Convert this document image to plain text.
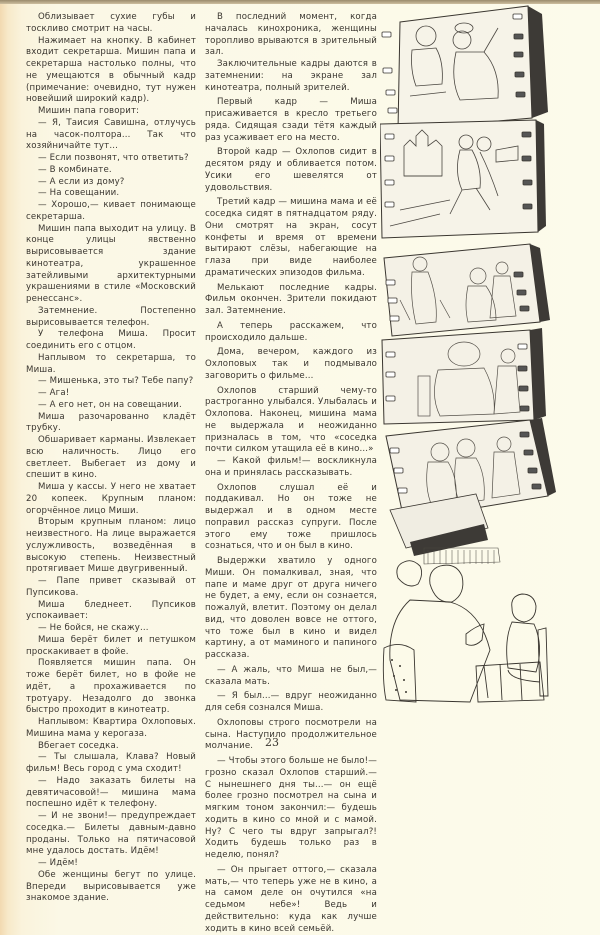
Облизывает сухие губы и тоскливо смотрит на часы.

Нажимает на кнопку. В кабинет входит секретарша. Мишин папа и секретарша настолько полны, что не умещаются в обычный кадр (примечание: очевидно, тут нужен новейший широкий кадр).

Мишин папа говорит:

— Я, Таисия Савишна, отлучусь на часок-полтора... Так что хозяйничайте тут...

— Если позвонят, что ответить?

— В комбинате.

— А если из дому?

— На совещании.

— Хорошо,— кивает понимающе секретарша.

Мишин папа выходит на улицу. В конце улицы явственно вырисовывается здание кинотеатра, украшенное затейливыми архитектурными украшениями в стиле «Московский ренессанс».

Затемнение. Постепенно вырисовывается телефон.

У телефона Миша. Просит соединить его с отцом.

Наплывом то секретарша, то Миша.

— Мишенька, это ты? Тебе папу?

— Ага!

— А его нет, он на совещании.

Миша разочарованно кладёт трубку.

Обшаривает карманы. Извлекает всю наличность. Лицо его светлеет. Выбегает из дому и спешит в кино.

Миша у кассы. У него не хватает 20 копеек. Крупным планом: огорчённое лицо Миши.

Вторым крупным планом: лицо неизвестного. На лице выражается услужливость, возведённая в высокую степень. Неизвестный протягивает Мише двугривенный.

— Папе привет сказывай от Пупсикова.

Миша бледнеет. Пупсиков успокаивает:

— Не бойся, не скажу...

Миша берёт билет и петушком проскакивает в фойе.

Появляется мишин папа. Он тоже берёт билет, но в фойе не идёт, а прохаживается по тротуару. Незадолго до звонка быстро проходит в кинотеатр.

Наплывом: Квартира Охлоповых. Мишина мама у керогаза.

Вбегает соседка.

— Ты слышала, Клава? Новый фильм! Весь город с ума сходит!

— Надо заказать билеты на девятичасовой!— мишина мама поспешно идёт к телефону.

— И не звони!— предупреждает соседка.— Билеты давным-давно проданы. Только на пятичасовой мне удалось достать. Идём!

— Идём!

Обе женщины бегут по улице. Впереди вырисовывается уже знакомое здание.

В последний момент, когда началась кинохроника, женщины торопливо врываются в зрительный зал.

Заключительные кадры даются в затемнении: на экране зал кинотеатра, полный зрителей.

Первый кадр — Миша присаживается в кресло третьего ряда. Сидящая сзади тётя каждый раз усаживает его на место.

Второй кадр — Охлопов сидит в десятом ряду и обливается потом. Усики его шевелятся от удовольствия.

Третий кадр — мишина мама и её соседка сидят в пятнадцатом ряду. Они смотрят на экран, сосут конфеты и время от времени вытирают слёзы, набегающие на глаза при виде наиболее драматических эпизодов фильма.

Мелькают последние кадры. Фильм окончен. Зрители покидают зал. Затемнение.

А теперь расскажем, что происходило дальше.

Дома, вечером, каждого из Охлоповых так и подмывало заговорить о фильме...

Охлопов старший чему-то растроганно улыбался. Улыбалась и Охлопова. Наконец, мишина мама не выдержала и неожиданно призналась в том, что «соседка почти силком утащила её в кино...»

— Какой фильм!— воскликнула она и принялась рассказывать.

Охлопов слушал её и поддакивал. Но он тоже не выдержал и в одном месте поправил рассказ супруги. После этого ему тоже пришлось сознаться, что и он был в кино.

Выдержки хватило у одного Миши. Он помалкивал, зная, что папе и маме друг от друга ничего не будет, а ему, если он сознается, пожалуй, влетит. Поэтому он делал вид, что доволен вовсе не оттого, что тоже был в кино и видел картину, а от маминого и папиного рассказа.

— А жаль, что Миша не был,— сказала мать.

— Я был...— вдруг неожиданно для себя сознался Миша.

Охлоповы строго посмотрели на сына. Наступило продолжительное молчание.

— Чтобы этого больше не было!— грозно сказал Охлопов старший.— С нынешнего дня ты...— он ещё более грозно посмотрел на сына и мягким тоном закончил:— будешь ходить в кино со мной и с мамой. Ну? С чего ты вдруг запрыгал?! Ходить будешь только раз в неделю, понял?

— Он прыгает оттого,— сказала мать,— что теперь уже не в кино, а на самом деле он очутился «на седьмом небе»! Ведь и действительно: куда как лучше ходить в кино всей семьёй.

23
